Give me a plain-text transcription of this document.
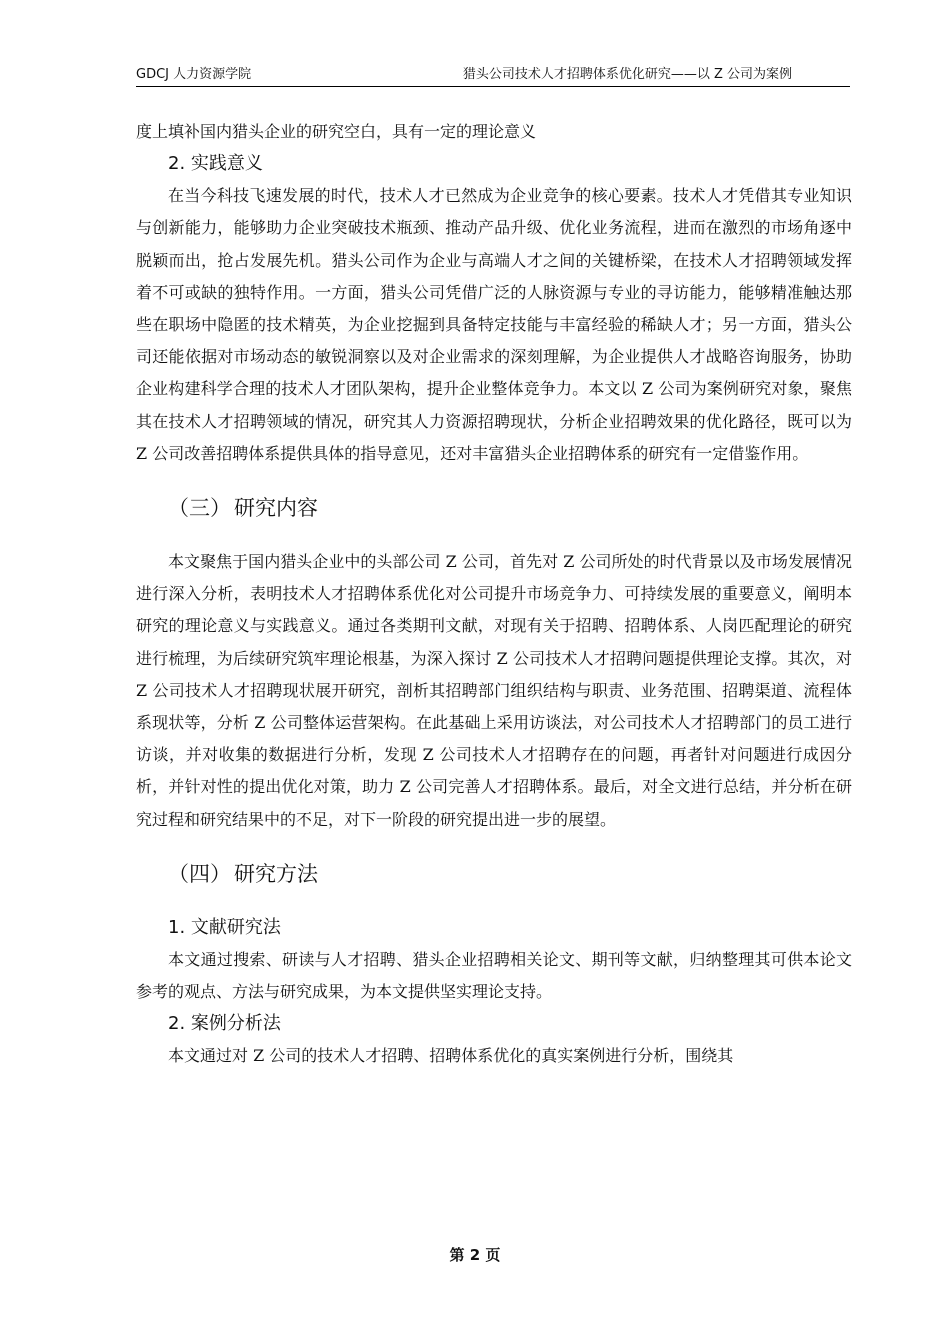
GDCJ 人力资源学院	猎头公司技术人才招聘体系优化研究——以 Z 公司为案例

度上填补国内猎头企业的研究空白，具有一定的理论意义

2. 实践意义

在当今科技飞速发展的时代，技术人才已然成为企业竞争的核心要素。技术人才凭借其专业知识与创新能力，能够助力企业突破技术瓶颈、推动产品升级、优化业务流程，进而在激烈的市场角逐中脱颖而出，抢占发展先机。猎头公司作为企业与高端人才之间的关键桥梁，在技术人才招聘领域发挥着不可或缺的独特作用。一方面，猎头公司凭借广泛的人脉资源与专业的寻访能力，能够精准触达那些在职场中隐匿的技术精英，为企业挖掘到具备特定技能与丰富经验的稀缺人才；另一方面，猎头公司还能依据对市场动态的敏锐洞察以及对企业需求的深刻理解，为企业提供人才战略咨询服务，协助企业构建科学合理的技术人才团队架构，提升企业整体竞争力。本文以 Z 公司为案例研究对象，聚焦其在技术人才招聘领域的情况，研究其人力资源招聘现状，分析企业招聘效果的优化路径，既可以为 Z 公司改善招聘体系提供具体的指导意见，还对丰富猎头企业招聘体系的研究有一定借鉴作用。

（三） 研究内容

本文聚焦于国内猎头企业中的头部公司 Z 公司，首先对 Z 公司所处的时代背景以及市场发展情况进行深入分析，表明技术人才招聘体系优化对公司提升市场竞争力、可持续发展的重要意义，阐明本研究的理论意义与实践意义。通过各类期刊文献，对现有关于招聘、招聘体系、人岗匹配理论的研究进行梳理，为后续研究筑牢理论根基，为深入探讨 Z 公司技术人才招聘问题提供理论支撑。其次，对 Z 公司技术人才招聘现状展开研究，剖析其招聘部门组织结构与职责、业务范围、招聘渠道、流程体系现状等，分析 Z 公司整体运营架构。在此基础上采用访谈法，对公司技术人才招聘部门的员工进行访谈，并对收集的数据进行分析，发现 Z 公司技术人才招聘存在的问题，再者针对问题进行成因分析，并针对性的提出优化对策，助力 Z 公司完善人才招聘体系。最后，对全文进行总结，并分析在研究过程和研究结果中的不足，对下一阶段的研究提出进一步的展望。

（四） 研究方法
1. 文献研究法

本文通过搜索、研读与人才招聘、猎头企业招聘相关论文、期刊等文献，归纳整理其可供本论文参考的观点、方法与研究成果，为本文提供坚实理论支持。

2. 案例分析法

本文通过对 Z 公司的技术人才招聘、招聘体系优化的真实案例进行分析，围绕其

第 2 页
